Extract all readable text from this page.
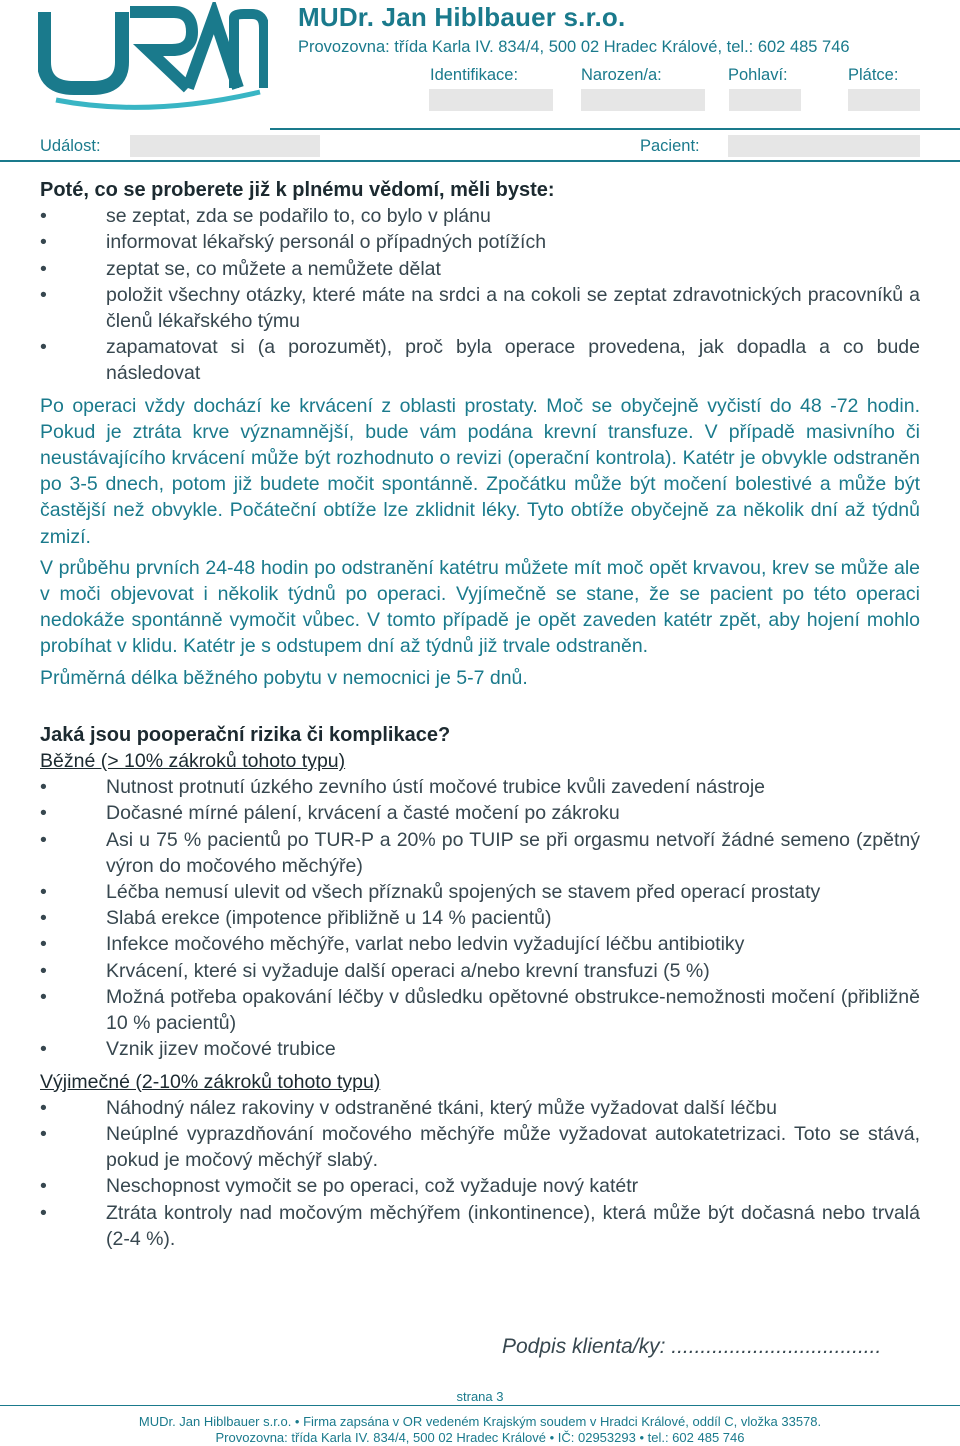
MUDr. Jan Hiblbauer s.r.o.
Provozovna: třída Karla IV. 834/4, 500 02 Hradec Králové, tel.: 602 485 746
Identifikace:	Narozen/a:	Pohlaví:	Plátce:
Událost:	Pacient:
Poté, co se proberete již k plnému vědomí, měli byste:
•	se zeptat, zda se podařilo to, co bylo v plánu
•	informovat lékařský personál o případných potížích
•	zeptat se, co můžete a nemůžete dělat
•	položit všechny otázky, které máte na srdci a na cokoli se zeptat zdravotnických pracovníků a členů lékařského týmu
•	zapamatovat si (a porozumět), proč byla operace provedena, jak dopadla a co bude následovat

Po operaci vždy dochází ke krvácení z oblasti prostaty. Moč se obyčejně vyčistí do 48 -72 hodin. Pokud je ztráta krve významnější, bude vám podána krevní transfuze. V případě masivního či neustávajícího krvácení může být rozhodnuto o revizi (operační kontrola). Katétr je obvykle odstraněn po 3-5 dnech, potom již budete močit spontánně. Zpočátku může být močení bolestivé a může být častější než obvykle. Počáteční obtíže lze zklidnit léky. Tyto obtíže obyčejně za několik dní až týdnů zmizí.

V průběhu prvních 24-48 hodin po odstranění katétru můžete mít moč opět krvavou, krev se může ale v moči objevovat i několik týdnů po operaci. Vyjímečně se stane, že se pacient po této operaci nedokáže spontánně vymočit vůbec. V tomto případě je opět zaveden katétr zpět, aby hojení mohlo probíhat v klidu. Katétr je s odstupem dní až týdnů již trvale odstraněn.

Průměrná délka běžného pobytu v nemocnici je 5-7 dnů.

Jaká jsou pooperační rizika či komplikace?
Běžné (> 10% zákroků tohoto typu)
•	Nutnost protnutí úzkého zevního ústí močové trubice kvůli zavedení nástroje
•	Dočasné mírné pálení, krvácení a časté močení po zákroku
•	Asi u 75 % pacientů po TUR-P a 20% po TUIP se při orgasmu netvoří žádné semeno (zpětný výron do močového měchýře)
•	Léčba nemusí ulevit od všech příznaků spojených se stavem před operací prostaty
•	Slabá erekce (impotence přibližně u 14 % pacientů)
•	Infekce močového měchýře, varlat nebo ledvin vyžadující léčbu antibiotiky
•	Krvácení, které si vyžaduje další operaci a/nebo krevní transfuzi (5 %)
•	Možná potřeba opakování léčby v důsledku opětovné obstrukce-nemožnosti močení (přibližně 10 % pacientů)
•	Vznik jizev močové trubice
Výjimečné (2-10% zákroků tohoto typu)
•	Náhodný nález rakoviny v odstraněné tkáni, který může vyžadovat další léčbu
•	Neúplné vyprazdňování močového měchýře může vyžadovat autokatetrizaci. Toto se stává, pokud je močový měchýř slabý.
•	Neschopnost vymočit se po operaci, což vyžaduje nový katétr
•	Ztráta kontroly nad močovým měchýřem (inkontinence), která může být dočasná nebo trvalá (2-4 %).
Podpis klienta/ky: ....................................
strana 3
MUDr. Jan Hiblbauer s.r.o. • Firma zapsána v OR vedeném Krajským soudem v Hradci Králové, oddíl C, vložka 33578.
Provozovna: třída Karla IV. 834/4, 500 02 Hradec Králové • IČ: 02953293 • tel.: 602 485 746
